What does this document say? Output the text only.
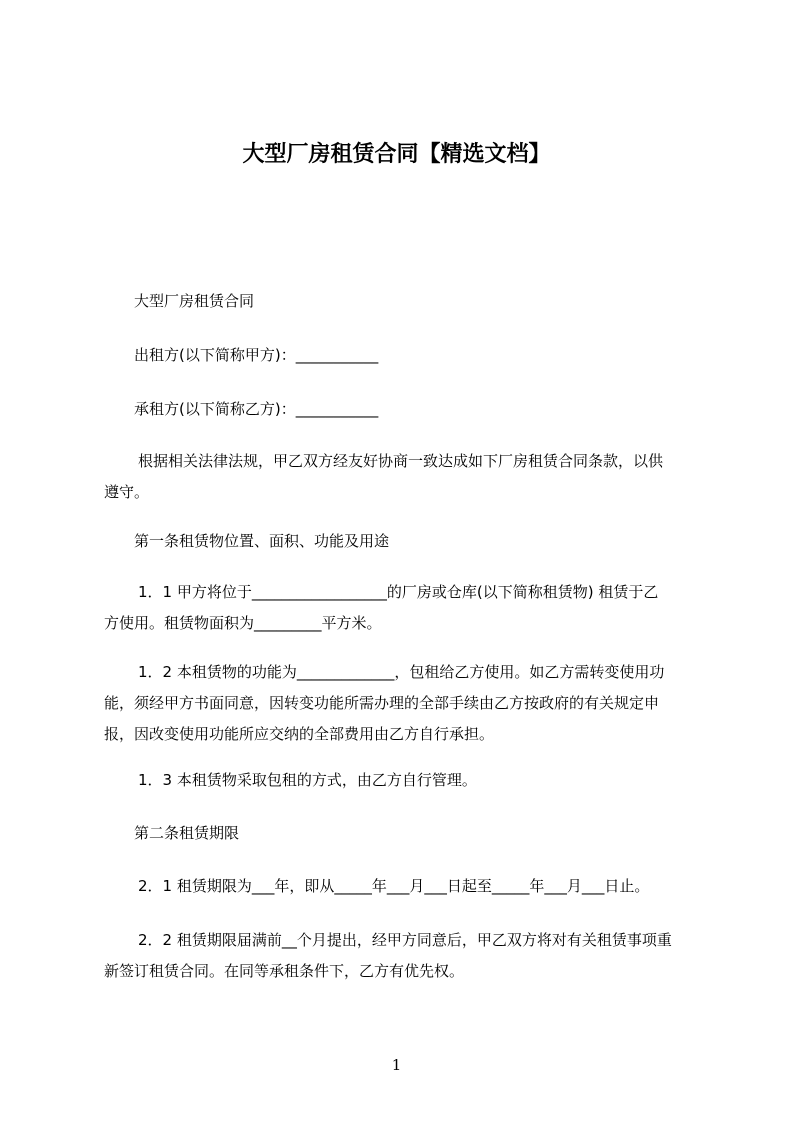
大型厂房租赁合同【精选文档】
大型厂房租赁合同
出租方(以下简称甲方)：___________
承租方(以下简称乙方)：___________
根据相关法律法规，甲乙双方经友好协商一致达成如下厂房租赁合同条款，以供
遵守。
第一条租赁物位置、面积、功能及用途
1．1 甲方将位于__________________的厂房或仓库(以下简称租赁物) 租赁于乙
方使用。租赁物面积为_________平方米。
1．2 本租赁物的功能为_____________，包租给乙方使用。如乙方需转变使用功
能，须经甲方书面同意，因转变功能所需办理的全部手续由乙方按政府的有关规定申
报，因改变使用功能所应交纳的全部费用由乙方自行承担。
1．3 本租赁物采取包租的方式，由乙方自行管理。
第二条租赁期限
2．1 租赁期限为___年，即从_____年___月___日起至_____年___月___日止。
2．2 租赁期限届满前__个月提出，经甲方同意后，甲乙双方将对有关租赁事项重
新签订租赁合同。在同等承租条件下，乙方有优先权。
1
